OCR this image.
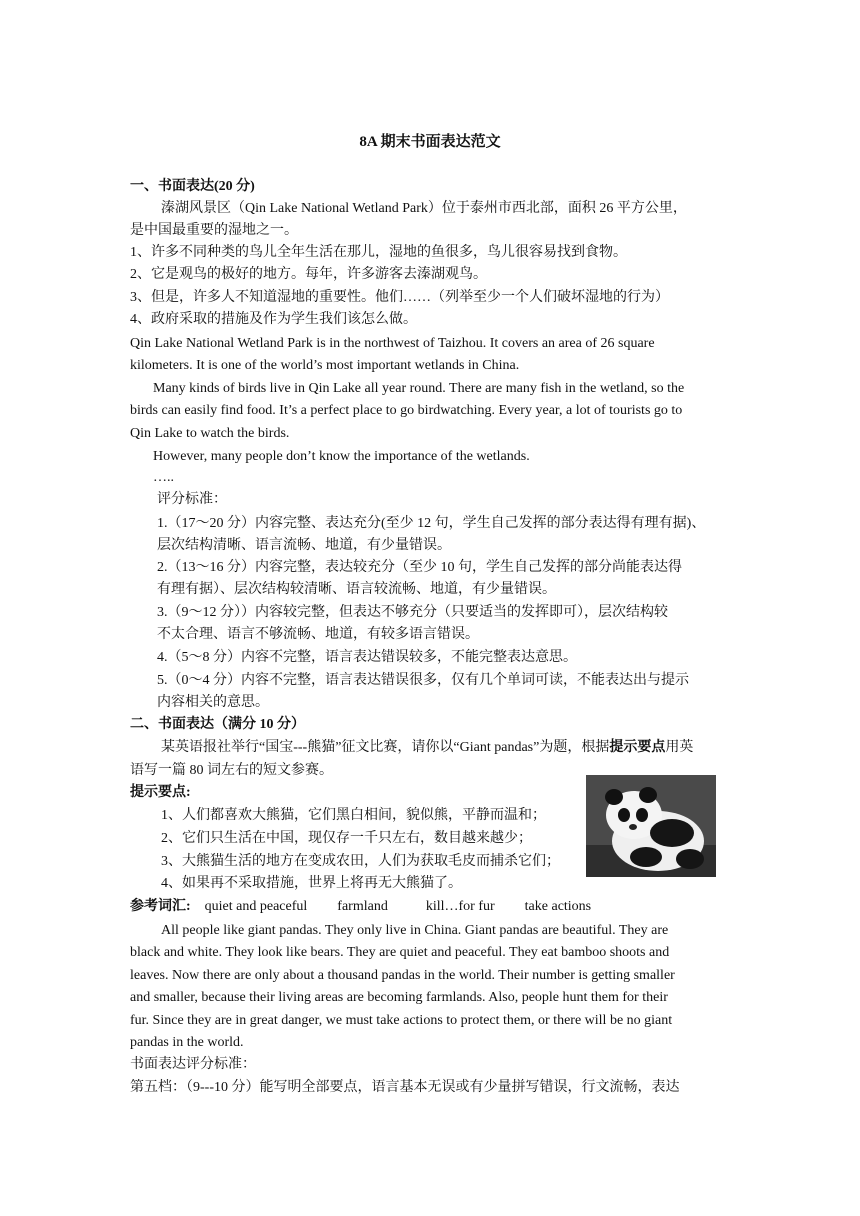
8A 期末书面表达范文
一、书面表达(20 分)
溱湖风景区（Qin Lake National Wetland Park）位于泰州市西北部，面积 26 平方公里，
是中国最重要的湿地之一。
1、许多不同种类的鸟儿全年生活在那儿，湿地的鱼很多，鸟儿很容易找到食物。
2、它是观鸟的极好的地方。每年，许多游客去溱湖观鸟。
3、但是，许多人不知道湿地的重要性。他们……（列举至少一个人们破坏湿地的行为）
4、政府采取的措施及作为学生我们该怎么做。
Qin Lake National Wetland Park is in the northwest of Taizhou. It covers an area of 26 square
kilometers. It is one of the world’s most important wetlands in China.
Many kinds of birds live in Qin Lake all year round. There are many fish in the wetland, so the
birds can easily find food. It’s a perfect place to go birdwatching. Every year, a lot of tourists go to
Qin Lake to watch the birds.
However, many people don’t know the importance of the wetlands.
…..
评分标准：
1.（17～20 分）内容完整、表达充分(至少 12 句，学生自己发挥的部分表达得有理有据)、
层次结构清晰、语言流畅、地道，有少量错误。
2.（13～16 分）内容完整，表达较充分（至少 10 句，学生自己发挥的部分尚能表达得
有理有据）、层次结构较清晰、语言较流畅、地道，有少量错误。
3.（9～12 分））内容较完整，但表达不够充分（只要适当的发挥即可），层次结构较
不太合理、语言不够流畅、地道，有较多语言错误。
4.（5～8 分）内容不完整，语言表达错误较多，不能完整表达意思。
5.（0～4 分）内容不完整，语言表达错误很多，仅有几个单词可读，不能表达出与提示
内容相关的意思。
二、书面表达（满分 10 分）
某英语报社举行“国宝---熊猫”征文比赛，请你以“Giant pandas”为题，根据提示要点用英
语写一篇 80 词左右的短文参赛。
提示要点:
1、人们都喜欢大熊猫，它们黑白相间，貌似熊，平静而温和；
2、它们只生活在中国，现仅存一千只左右，数目越来越少；
3、大熊猫生活的地方在变成农田，人们为获取毛皮而捕杀它们；
4、如果再不采取措施，世界上将再无大熊猫了。
参考词汇: quiet and peaceful farmland	kill…for fur take actions
All people like giant pandas. They only live in China. Giant pandas are beautiful. They are
black and white. They look like bears. They are quiet and peaceful. They eat bamboo shoots and
leaves. Now there are only about a thousand pandas in the world. Their number is getting smaller
and smaller, because their living areas are becoming farmlands. Also, people hunt them for their
fur. Since they are in great danger, we must take actions to protect them, or there will be no giant
pandas in the world.
书面表达评分标准：
第五档：（9---10 分）能写明全部要点，语言基本无误或有少量拼写错误，行文流畅，表达
